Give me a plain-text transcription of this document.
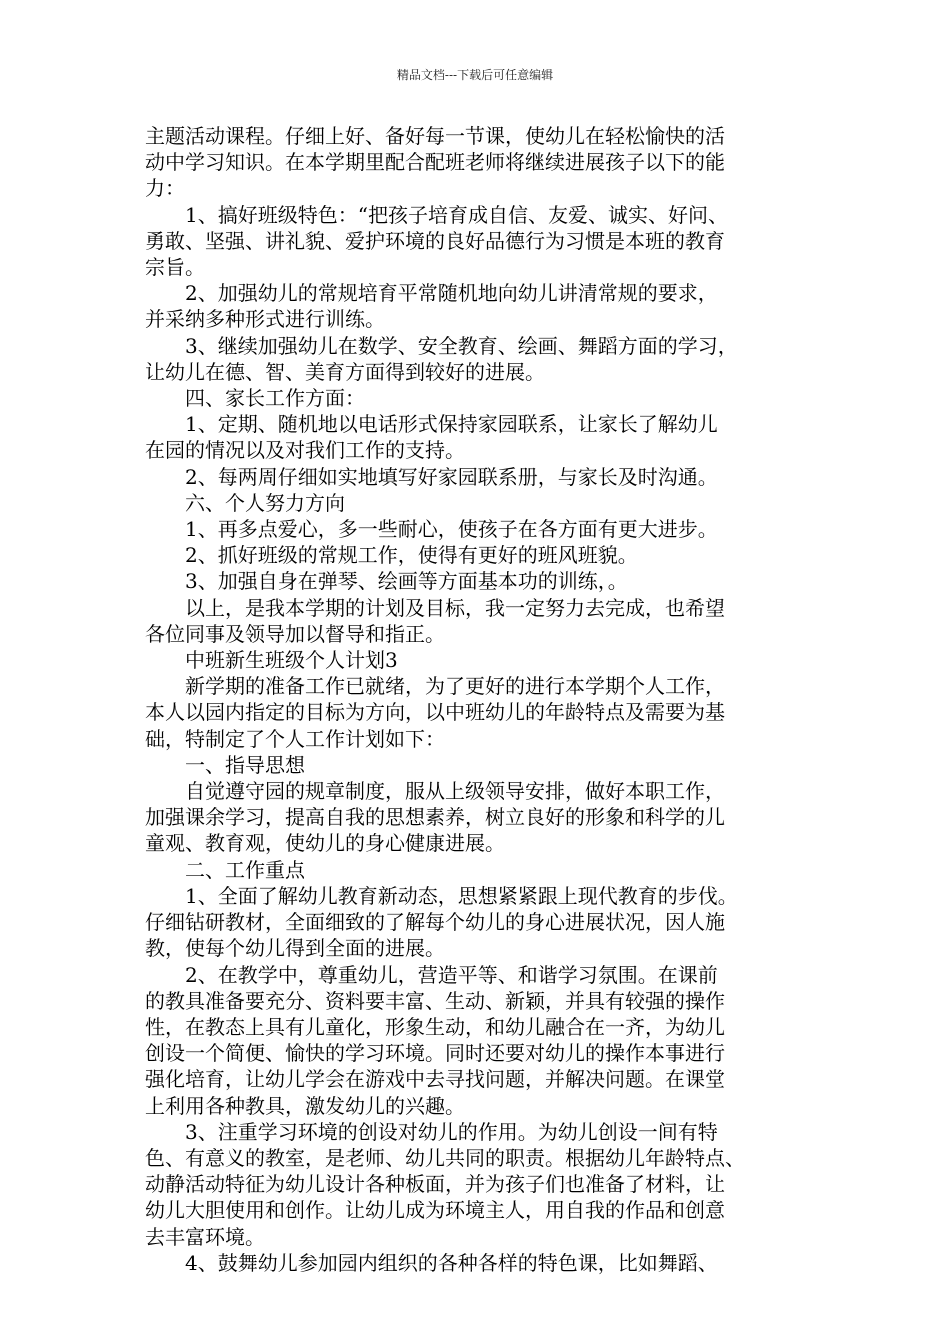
精品文档---下载后可任意编辑
主题活动课程。仔细上好、备好每一节课，使幼儿在轻松愉快的活
动中学习知识。在本学期里配合配班老师将继续进展孩子以下的能
力：
　　1、搞好班级特色：“把孩子培育成自信、友爱、诚实、好问、
勇敢、坚强、讲礼貌、爱护环境的良好品德行为习惯是本班的教育
宗旨。
　　2、加强幼儿的常规培育平常随机地向幼儿讲清常规的要求，
并采纳多种形式进行训练。
　　3、继续加强幼儿在数学、安全教育、绘画、舞蹈方面的学习，
让幼儿在德、智、美育方面得到较好的进展。
　　四、家长工作方面：
　　1、定期、随机地以电话形式保持家园联系，让家长了解幼儿
在园的情况以及对我们工作的支持。
　　2、每两周仔细如实地填写好家园联系册，与家长及时沟通。
　　六、个人努力方向
　　1、再多点爱心，多一些耐心，使孩子在各方面有更大进步。
　　2、抓好班级的常规工作，使得有更好的班风班貌。
　　3、加强自身在弹琴、绘画等方面基本功的训练，。
　　以上，是我本学期的计划及目标，我一定努力去完成，也希望
各位同事及领导加以督导和指正。
　　中班新生班级个人计划3
　　新学期的准备工作已就绪，为了更好的进行本学期个人工作，
本人以园内指定的目标为方向，以中班幼儿的年龄特点及需要为基
础，特制定了个人工作计划如下：
　　一、指导思想
　　自觉遵守园的规章制度，服从上级领导安排，做好本职工作，
加强课余学习，提高自我的思想素养，树立良好的形象和科学的儿
童观、教育观，使幼儿的身心健康进展。
　　二、工作重点
　　1、全面了解幼儿教育新动态，思想紧紧跟上现代教育的步伐。
仔细钻研教材，全面细致的了解每个幼儿的身心进展状况，因人施
教，使每个幼儿得到全面的进展。
　　2、在教学中，尊重幼儿，营造平等、和谐学习氛围。在课前
的教具准备要充分、资料要丰富、生动、新颖，并具有较强的操作
性，在教态上具有儿童化，形象生动，和幼儿融合在一齐，为幼儿
创设一个简便、愉快的学习环境。同时还要对幼儿的操作本事进行
强化培育，让幼儿学会在游戏中去寻找问题，并解决问题。在课堂
上利用各种教具，激发幼儿的兴趣。
　　3、注重学习环境的创设对幼儿的作用。为幼儿创设一间有特
色、有意义的教室，是老师、幼儿共同的职责。根据幼儿年龄特点、
动静活动特征为幼儿设计各种板面，并为孩子们也准备了材料，让
幼儿大胆使用和创作。让幼儿成为环境主人，用自我的作品和创意
去丰富环境。
　　4、鼓舞幼儿参加园内组织的各种各样的特色课，比如舞蹈、
